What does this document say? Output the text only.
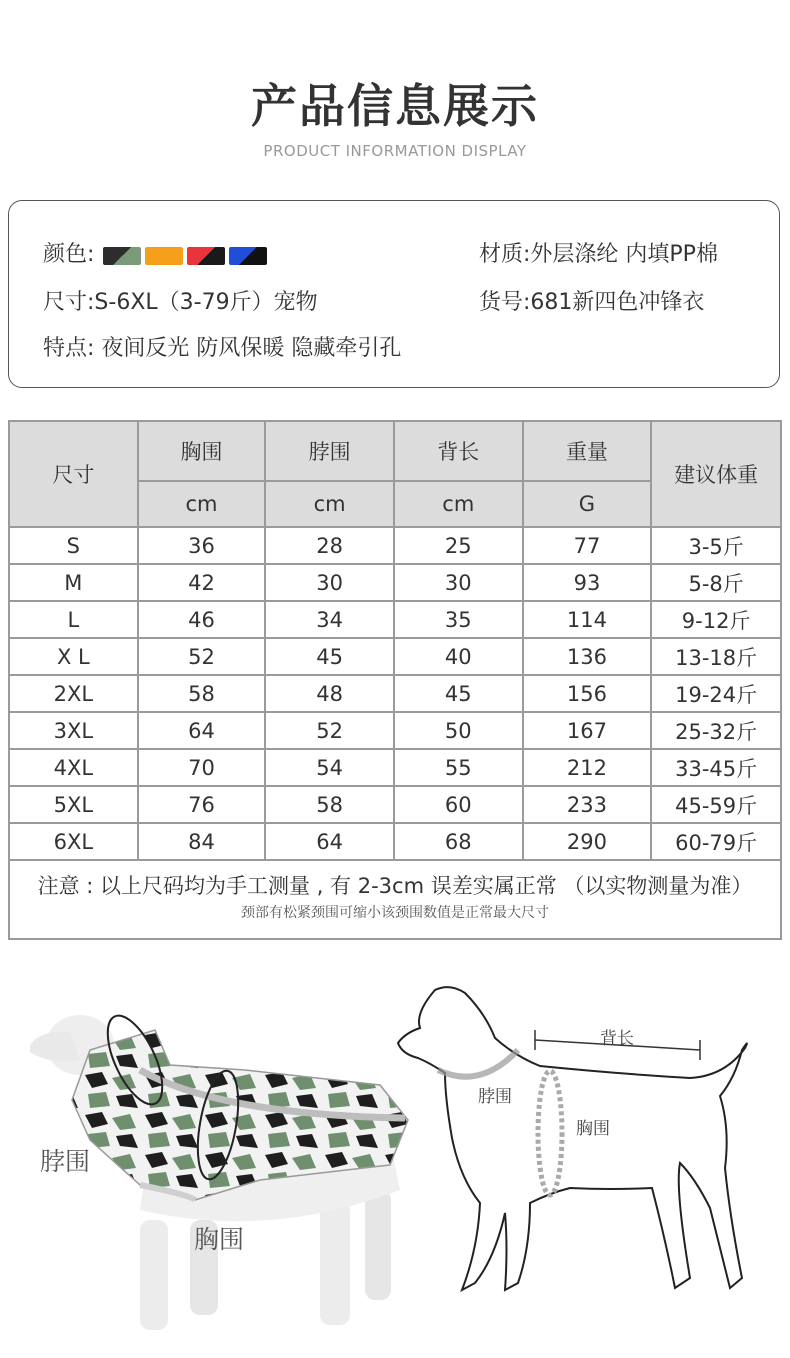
产品信息展示
PRODUCT INFORMATION DISPLAY
颜色:	材质:外层涤纶 内填PP棉
尺寸:S-6XL（3-79斤）宠物	货号:681新四色冲锋衣
特点: 夜间反光 防风保暖 隐藏牵引孔
尺寸	胸围	脖围	背长	重量	建议体重
	cm	cm	cm	G	
S	36	28	25	77	3-5斤
M	42	30	30	93	5-8斤
L	46	34	35	114	9-12斤
X L	52	45	40	136	13-18斤
2XL	58	48	45	156	19-24斤
3XL	64	52	50	167	25-32斤
4XL	70	54	55	212	33-45斤
5XL	76	58	60	233	45-59斤
6XL	84	64	68	290	60-79斤

注意 : 以上尺码均为手工测量 , 有 2-3cm 误差实属正常 （以实物测量为准）
颈部有松紧颈围可缩小该颈围数值是正常最大尺寸					
脖围
胸围
背长
脖围
胸围
